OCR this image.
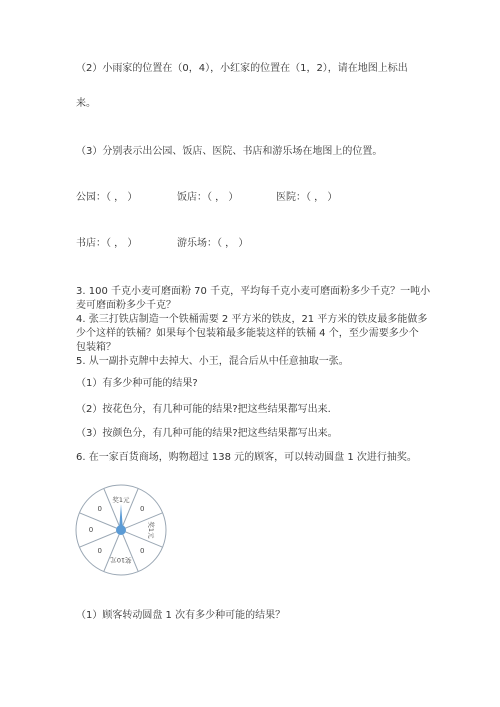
（2）小雨家的位置在（0，4），小红家的位置在（1，2），请在地图上标出
来。
（3）分别表示出公园、饭店、医院、书店和游乐场在地图上的位置。
公园：（ ， ）	饭店：（ ， ）	医院：（ ， ）
书店：（ ， ）	游乐场：（ ， ）
3. 100 千克小麦可磨面粉 70 千克，平均每千克小麦可磨面粉多少千克？一吨小
麦可磨面粉多少千克？
4. 张三打铁店制造一个铁桶需要 2 平方米的铁皮，21 平方米的铁皮最多能做多
少个这样的铁桶？如果每个包装箱最多能装这样的铁桶 4 个，至少需要多少个
包装箱？
5. 从一副扑克牌中去掉大、小王，混合后从中任意抽取一张。
（1）有多少种可能的结果?
（2）按花色分，有几种可能的结果?把这些结果都写出来.
（3）按颜色分，有几种可能的结果?把这些结果都写出来。
6. 在一家百货商场，购物超过 138 元的顾客，可以转动圆盘 1 次进行抽奖。
奖1元
0
奖1元
0
奖10元
0
0
0
（1）顾客转动圆盘 1 次有多少种可能的结果？
